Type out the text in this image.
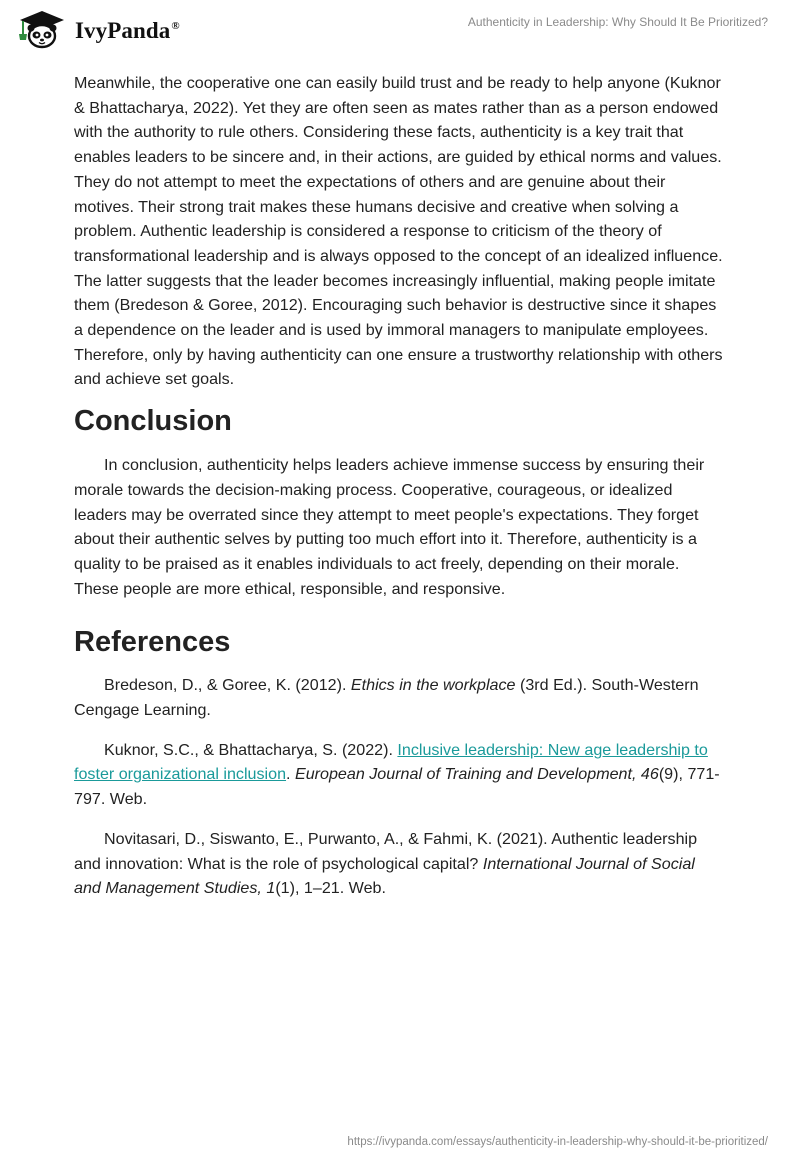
IvyPanda®	Authenticity in Leadership: Why Should It Be Prioritized?

Meanwhile, the cooperative one can easily build trust and be ready to help anyone (Kuknor & Bhattacharya, 2022). Yet they are often seen as mates rather than as a person endowed with the authority to rule others. Considering these facts, authenticity is a key trait that enables leaders to be sincere and, in their actions, are guided by ethical norms and values. They do not attempt to meet the expectations of others and are genuine about their motives. Their strong trait makes these humans decisive and creative when solving a problem. Authentic leadership is considered a response to criticism of the theory of transformational leadership and is always opposed to the concept of an idealized influence. The latter suggests that the leader becomes increasingly influential, making people imitate them (Bredeson & Goree, 2012). Encouraging such behavior is destructive since it shapes a dependence on the leader and is used by immoral managers to manipulate employees. Therefore, only by having authenticity can one ensure a trustworthy relationship with others and achieve set goals.

Conclusion

In conclusion, authenticity helps leaders achieve immense success by ensuring their morale towards the decision-making process. Cooperative, courageous, or idealized leaders may be overrated since they attempt to meet people's expectations. They forget about their authentic selves by putting too much effort into it. Therefore, authenticity is a quality to be praised as it enables individuals to act freely, depending on their morale. These people are more ethical, responsible, and responsive.

References

Bredeson, D., & Goree, K. (2012). Ethics in the workplace (3rd Ed.). South-Western Cengage Learning.

Kuknor, S.C., & Bhattacharya, S. (2022). Inclusive leadership: New age leadership to foster organizational inclusion. European Journal of Training and Development, 46(9), 771-797. Web.

Novitasari, D., Siswanto, E., Purwanto, A., & Fahmi, K. (2021). Authentic leadership and innovation: What is the role of psychological capital? International Journal of Social and Management Studies, 1(1), 1–21. Web.

https://ivypanda.com/essays/authenticity-in-leadership-why-should-it-be-prioritized/
